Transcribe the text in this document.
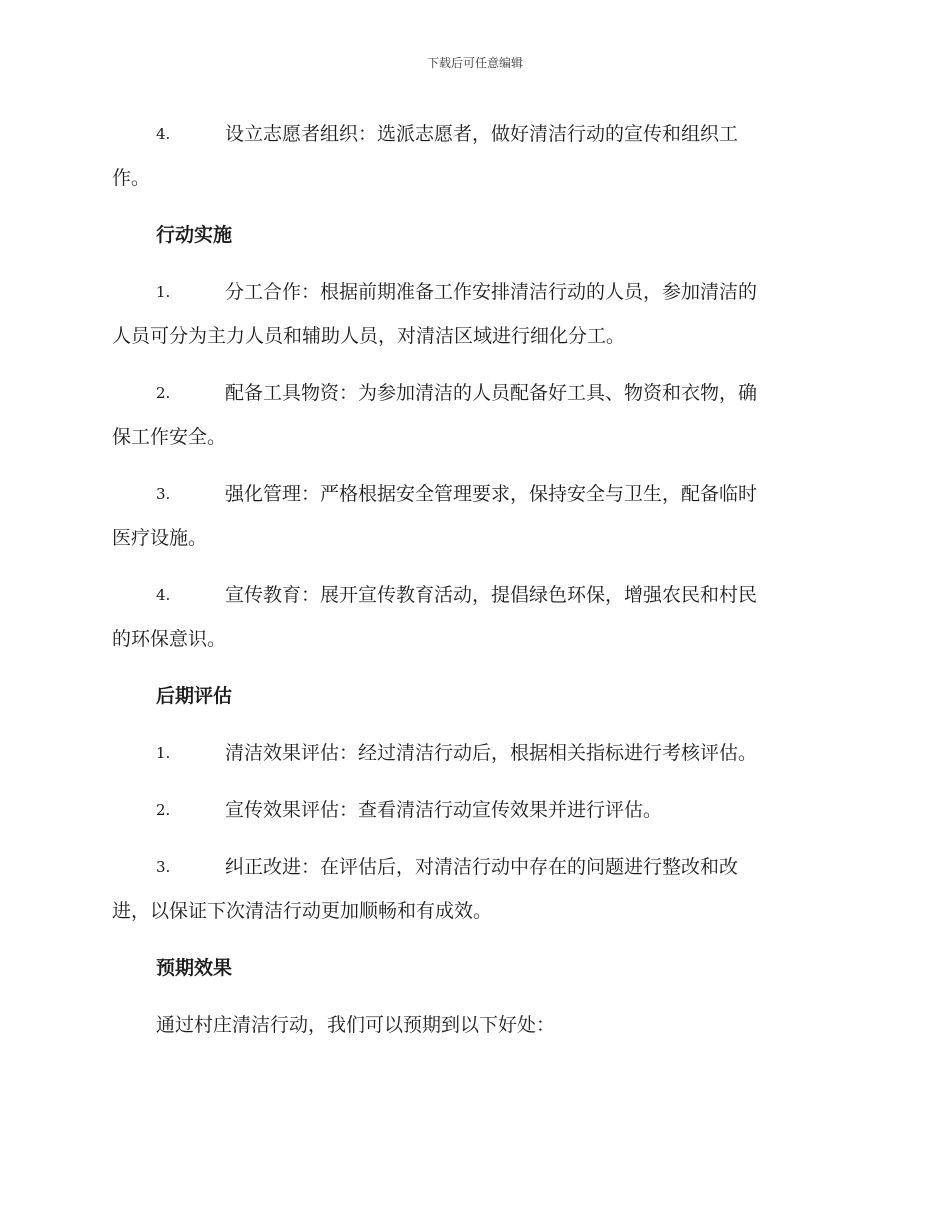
下载后可任意编辑
4.	设立志愿者组织：选派志愿者，做好清洁行动的宣传和组织工
作。
行动实施
1.	分工合作：根据前期准备工作安排清洁行动的人员，参加清洁的
人员可分为主力人员和辅助人员，对清洁区域进行细化分工。
2.	配备工具物资：为参加清洁的人员配备好工具、物资和衣物，确
保工作安全。
3.	强化管理：严格根据安全管理要求，保持安全与卫生，配备临时
医疗设施。
4.	宣传教育：展开宣传教育活动，提倡绿色环保，增强农民和村民
的环保意识。
后期评估
1.	清洁效果评估：经过清洁行动后，根据相关指标进行考核评估。
2.	宣传效果评估：查看清洁行动宣传效果并进行评估。
3.	纠正改进：在评估后，对清洁行动中存在的问题进行整改和改
进，以保证下次清洁行动更加顺畅和有成效。
预期效果
通过村庄清洁行动，我们可以预期到以下好处：
